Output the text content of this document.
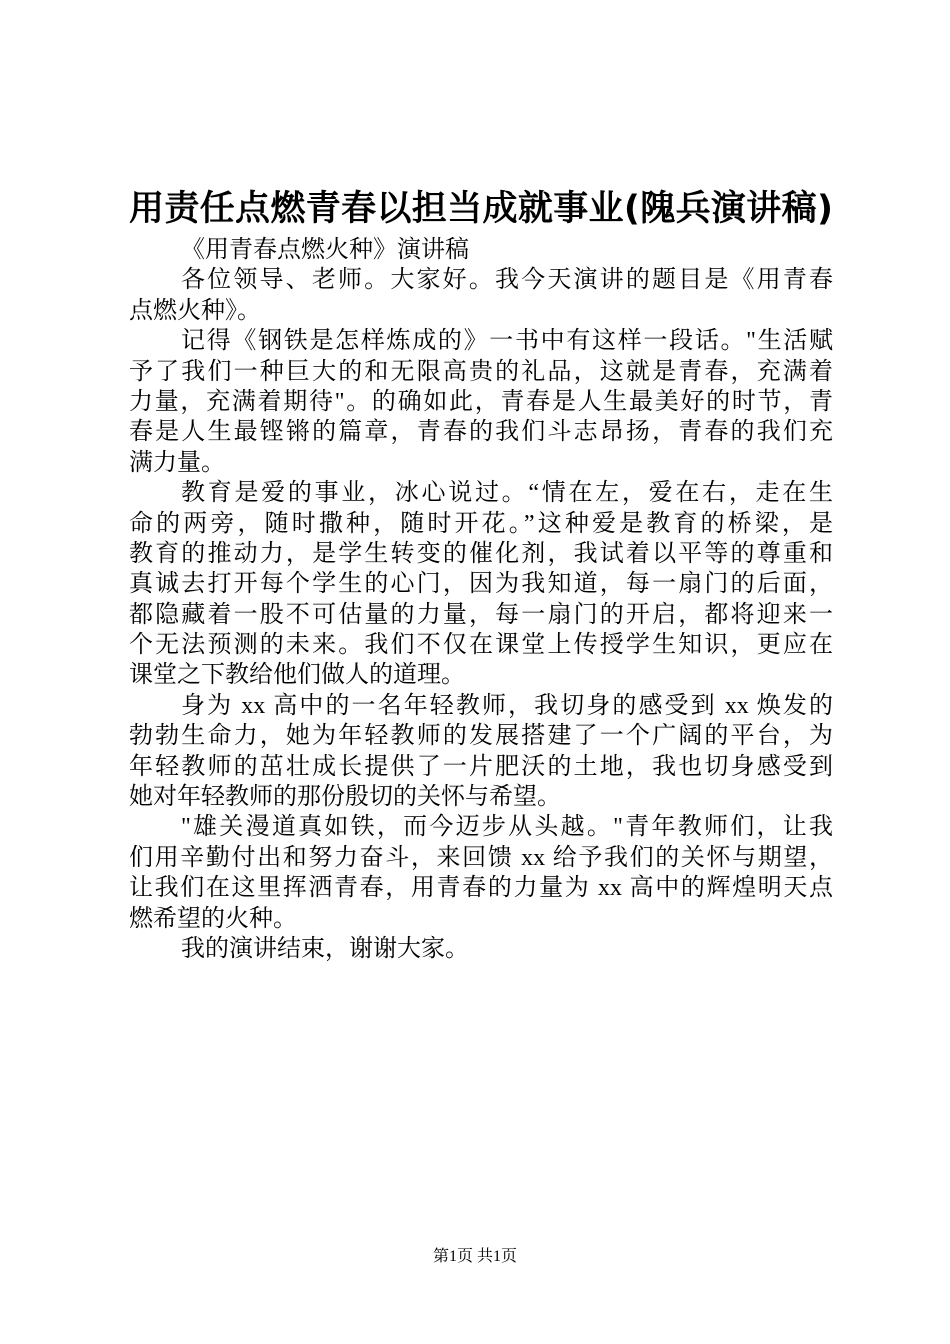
用责任点燃青春以担当成就事业(隗兵演讲稿)
《用青春点燃火种》演讲稿
各位领导、老师。大家好。我今天演讲的题目是《用青春
点燃火种》。
记得《钢铁是怎样炼成的》一书中有这样一段话。"生活赋
予了我们一种巨大的和无限高贵的礼品，这就是青春，充满着
力量，充满着期待"。的确如此，青春是人生最美好的时节，青
春是人生最铿锵的篇章，青春的我们斗志昂扬，青春的我们充
满力量。
教育是爱的事业，冰心说过。“情在左，爱在右，走在生
命的两旁，随时撒种，随时开花。”这种爱是教育的桥梁，是
教育的推动力，是学生转变的催化剂，我试着以平等的尊重和
真诚去打开每个学生的心门，因为我知道，每一扇门的后面，
都隐藏着一股不可估量的力量，每一扇门的开启，都将迎来一
个无法预测的未来。我们不仅在课堂上传授学生知识，更应在
课堂之下教给他们做人的道理。
身为 xx 高中的一名年轻教师，我切身的感受到 xx 焕发的
勃勃生命力，她为年轻教师的发展搭建了一个广阔的平台，为
年轻教师的茁壮成长提供了一片肥沃的土地，我也切身感受到
她对年轻教师的那份殷切的关怀与希望。
"雄关漫道真如铁，而今迈步从头越。"青年教师们，让我
们用辛勤付出和努力奋斗，来回馈 xx 给予我们的关怀与期望，
让我们在这里挥洒青春，用青春的力量为 xx 高中的辉煌明天点
燃希望的火种。
我的演讲结束，谢谢大家。
第1页 共1页
